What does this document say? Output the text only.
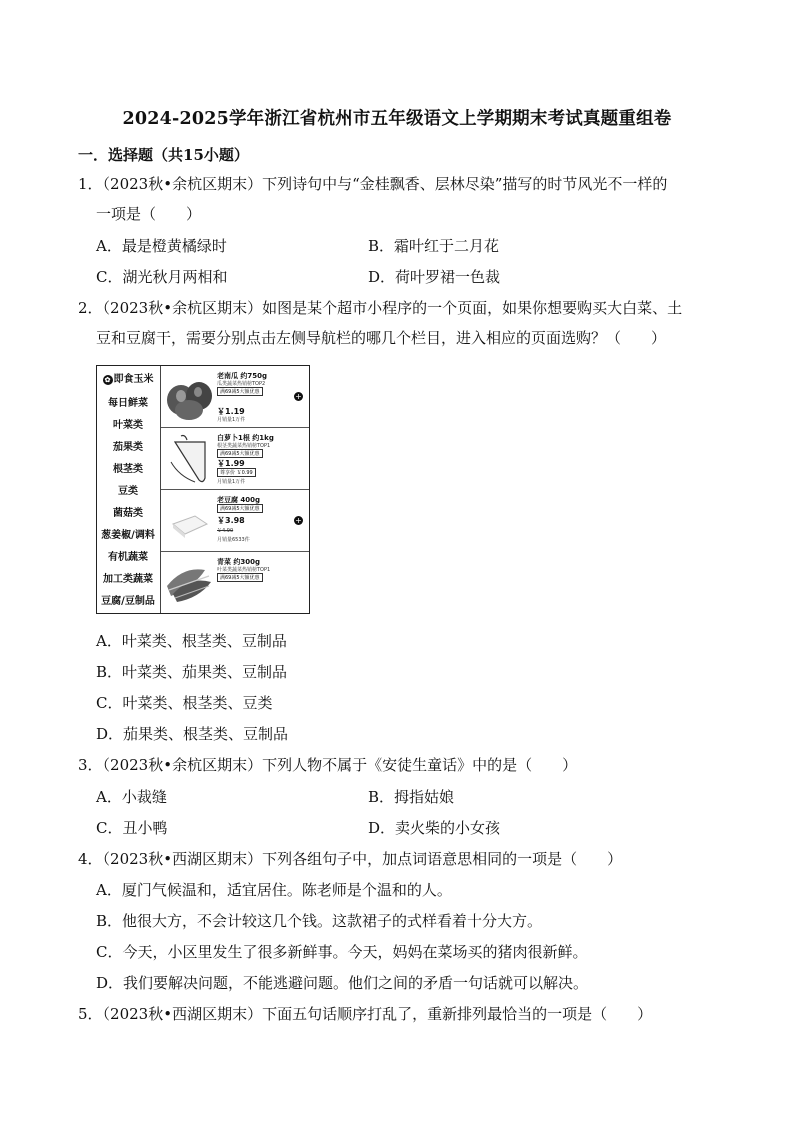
2024-2025学年浙江省杭州市五年级语文上学期期末考试真题重组卷
一．选择题（共15小题）
1．（2023秋•余杭区期末）下列诗句中与“金桂飘香、层林尽染”描写的时节风光不一样的
一项是（　　）
A．最是橙黄橘绿时	B．霜叶红于二月花
C．湖光秋月两相和	D．荷叶罗裙一色裁
2．（2023秋•余杭区期末）如图是某个超市小程序的一个页面，如果你想要购买大白菜、土
豆和豆腐干，需要分别点击左侧导航栏的哪几个栏目，进入相应的页面选购？（　　）
✿ 即食玉米
每日鲜菜
叶菜类
茄果类
根茎类
豆类
菌菇类
葱姜椒/调料
有机蔬菜
加工类蔬菜
豆腐/豆制品
老南瓜 约750g
瓜类蔬菜热销榜TOP2
满69减5大额优惠
￥1.19
月销量1万件
+
白萝卜1根 约1kg
根茎类蔬菜热销榜TOP1
满69减5大额优惠
￥1.99
尊享价 ￥0.99
月销量1万件
老豆腐 400g
满69减5大额优惠
￥3.98
￥4.90
月销量6533件
+
青菜 约300g
叶菜类蔬菜热销榜TOP1
满69减5大额优惠
A．叶菜类、根茎类、豆制品
B．叶菜类、茄果类、豆制品
C．叶菜类、根茎类、豆类
D．茄果类、根茎类、豆制品
3．（2023秋•余杭区期末）下列人物不属于《安徒生童话》中的是（　　）
A．小裁缝	B．拇指姑娘
C．丑小鸭	D．卖火柴的小女孩
4．（2023秋•西湖区期末）下列各组句子中，加点词语意思相同的一项是（　　）
A．厦门气候温和，适宜居住。陈老师是个温和的人。
B．他很大方，不会计较这几个钱。这款裙子的式样看着十分大方。
C．今天，小区里发生了很多新鲜事。今天，妈妈在菜场买的猪肉很新鲜。
D．我们要解决问题，不能逃避问题。他们之间的矛盾一句话就可以解决。
5．（2023秋•西湖区期末）下面五句话顺序打乱了，重新排列最恰当的一项是（　　）
